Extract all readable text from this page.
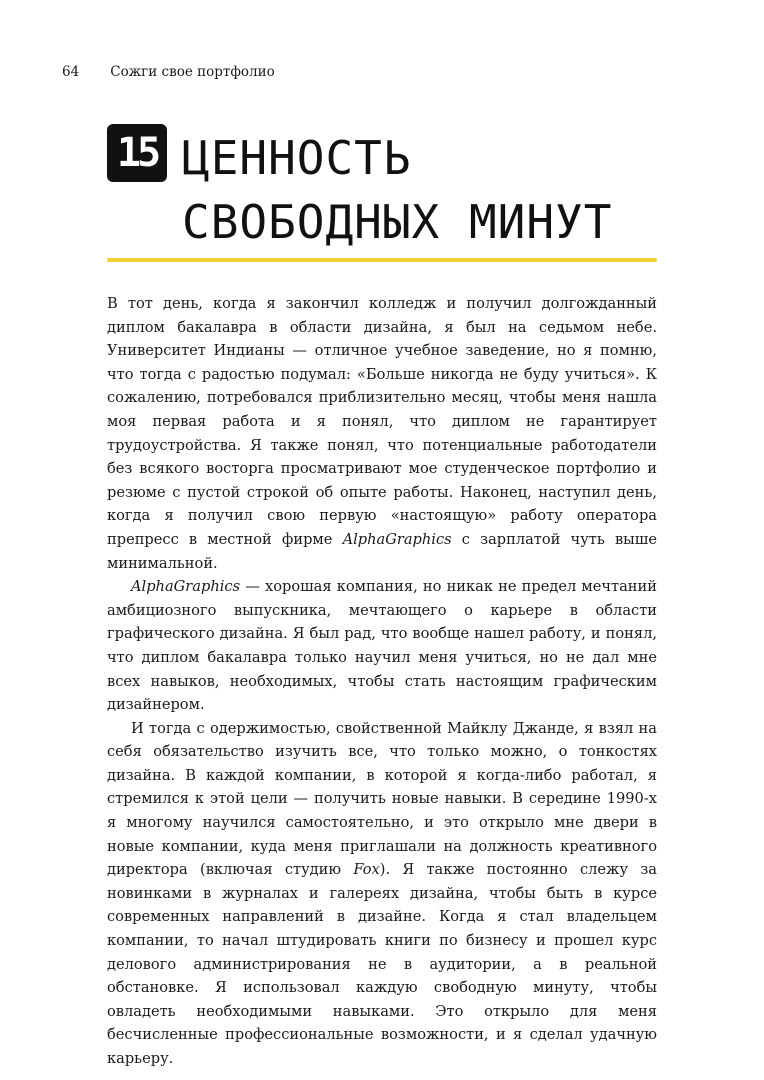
64 Сожги свое портфолио
15 ЦЕННОСТЬ
СВОБОДНЫХ МИНУТ

В тот день, когда я закончил колледж и получил долгожданный диплом бакалавра в области дизайна, я был на седьмом небе. Университет Индианы — отличное учебное заведение, но я помню, что тогда с радостью подумал: «Больше никогда не буду учиться». К сожалению, потребовался приблизительно месяц, чтобы меня нашла моя первая работа и я понял, что диплом не гарантирует трудоустройства. Я также понял, что потенциальные работодатели без всякого восторга просматривают мое студенческое портфолио и резюме с пустой строкой об опыте работы. Наконец, наступил день, когда я получил свою первую «настоящую» работу оператора препресс в местной фирме AlphaGraphics с зарплатой чуть выше минимальной.

AlphaGraphics — хорошая компания, но никак не предел мечтаний амбициозного выпускника, мечтающего о карьере в области графического дизайна. Я был рад, что вообще нашел работу, и понял, что диплом бакалавра только научил меня учиться, но не дал мне всех навыков, необходимых, чтобы стать настоящим графическим дизайнером.

И тогда с одержимостью, свойственной Майклу Джанде, я взял на себя обязательство изучить все, что только можно, о тонкостях дизайна. В каждой компании, в которой я когда-либо работал, я стремился к этой цели — получить новые навыки. В середине 1990-х я многому научился самостоятельно, и это открыло мне двери в новые компании, куда меня приглашали на должность креативного директора (включая студию Fox). Я также постоянно слежу за новинками в журналах и галереях дизайна, чтобы быть в курсе современных направлений в дизайне. Когда я стал владельцем компании, то начал штудировать книги по бизнесу и прошел курс делового администрирования не в аудитории, а в реальной обстановке. Я использовал каждую свободную минуту, чтобы овладеть необходимыми навыками. Это открыло для меня бесчисленные профессиональные возможности, и я сделал удачную карьеру.
